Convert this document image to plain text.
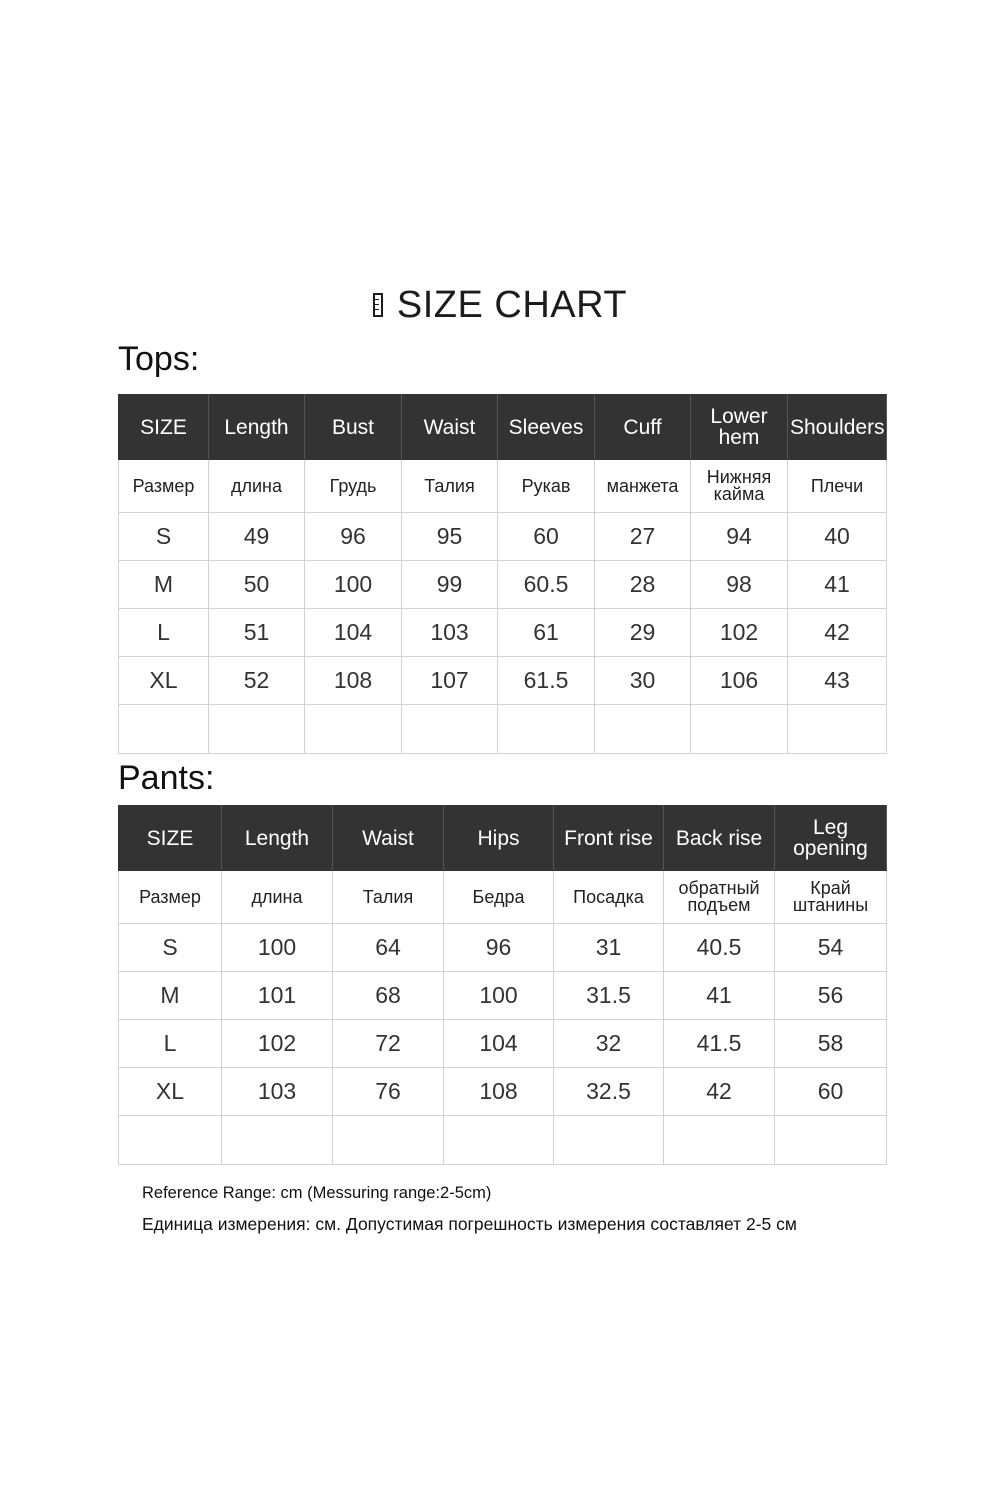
SIZE CHART
Tops:
SIZE	Length	Bust	Waist	Sleeves	Cuff	Lower hem	Shoulders
Размер	длина	Грудь	Талия	Рукав	манжета	Нижняя кайма	Плечи
S	49	96	95	60	27	94	40
M	50	100	99	60.5	28	98	41
L	51	104	103	61	29	102	42
XL	52	108	107	61.5	30	106	43

Pants:
SIZE	Length	Waist	Hips	Front rise	Back rise	Leg opening
Размер	длина	Талия	Бедра	Посадка	обратный подъем	Край штанины
S	100	64	96	31	40.5	54
M	101	68	100	31.5	41	56
L	102	72	104	32	41.5	58
XL	103	76	108	32.5	42	60

Reference Range: cm (Messuring range:2-5cm)
Единица измерения: см. Допустимая погрешность измерения составляет 2-5 см
